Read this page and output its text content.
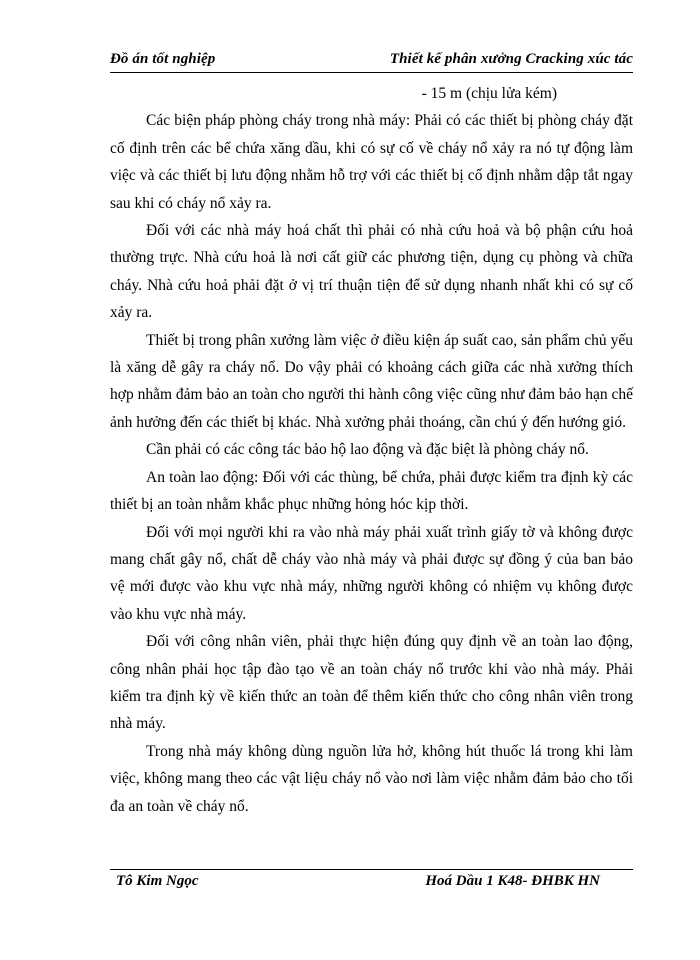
Đồ án tốt nghiệp	Thiết kế phân xưởng Cracking xúc tác
- 15 m (chịu lửa kém)

Các biện pháp phòng cháy trong nhà máy: Phải có các thiết bị phòng cháy đặt cố định trên các bể chứa xăng dầu, khi có sự cố về cháy nổ xảy ra nó tự động làm việc và các thiết bị lưu động nhằm hỗ trợ với các thiết bị cố định nhằm dập tắt ngay sau khi có cháy nổ xảy ra.

Đối với các nhà máy hoá chất thì phải có nhà cứu hoả và bộ phận cứu hoả thường trực. Nhà cứu hoả là nơi cất giữ các phương tiện, dụng cụ phòng và chữa cháy. Nhà cứu hoả phải đặt ở vị trí thuận tiện để sử dụng nhanh nhất khi có sự cố xảy ra.

Thiết bị trong phân xưởng làm việc ở điều kiện áp suất cao, sản phẩm chủ yếu là xăng dễ gây ra cháy nổ. Do vậy phải có khoảng cách giữa các nhà xưởng thích hợp nhằm đảm bảo an toàn cho người thi hành công việc cũng như đảm bảo hạn chế ảnh hưởng đến các thiết bị khác. Nhà xưởng phải thoáng, cần chú ý đến hướng gió.

Cần phải có các công tác bảo hộ lao động và đặc biệt là phòng cháy nổ.

An toàn lao động: Đối với các thùng, bể chứa, phải được kiểm tra định kỳ các thiết bị an toàn nhằm khắc phục những hỏng hóc kịp thời.

Đối với mọi người khi ra vào nhà máy phải xuất trình giấy tờ và không được mang chất gây nổ, chất dễ cháy vào nhà máy và phải được sự đồng ý của ban bảo vệ mới được vào khu vực nhà máy, những người không có nhiệm vụ không được vào khu vực nhà máy.

Đối với công nhân viên, phải thực hiện đúng quy định về an toàn lao động, công nhân phải học tập đào tạo về an toàn cháy nổ trước khi vào nhà máy. Phải kiểm tra định kỳ về kiến thức an toàn để thêm kiến thức cho công nhân viên trong nhà máy.

Trong nhà máy không dùng nguồn lửa hở, không hút thuốc lá trong khi làm việc, không mang theo các vật liệu cháy nổ vào nơi làm việc nhằm đảm bảo cho tối đa an toàn về cháy nổ.

Tô Kim Ngọc	Hoá Dầu 1 K48- ĐHBK HN
